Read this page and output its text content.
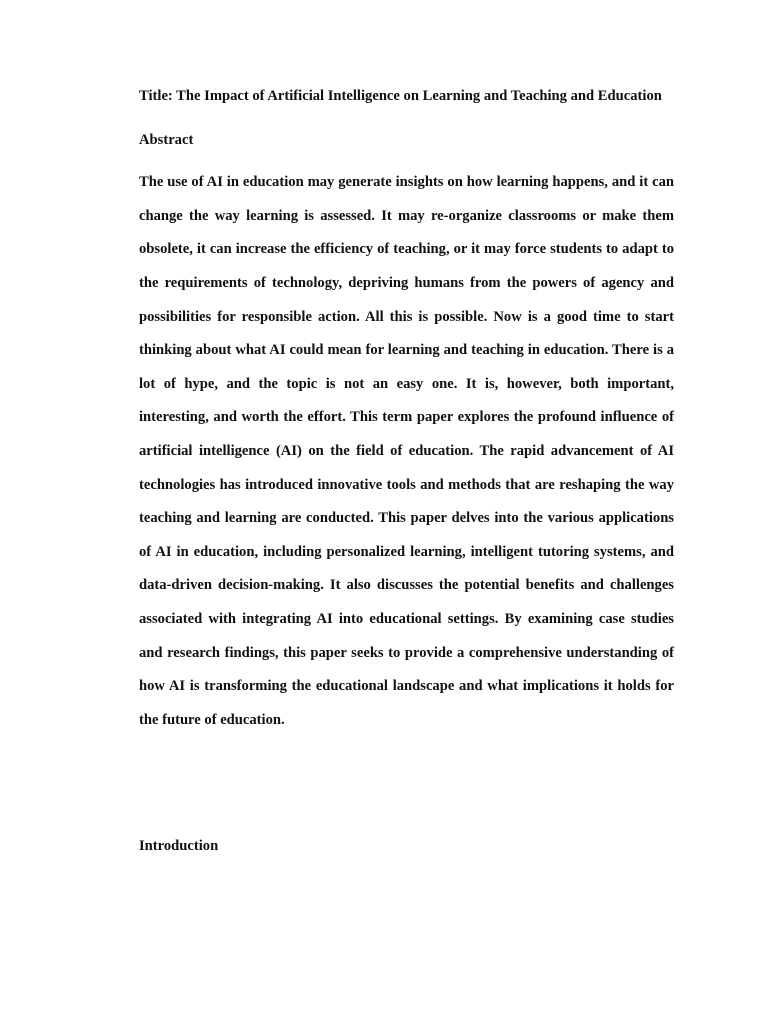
Title: The Impact of Artificial Intelligence on Learning and Teaching and Education

Abstract

The use of AI in education may generate insights on how learning happens, and it can change the way learning is assessed. It may re-organize classrooms or make them obsolete, it can increase the efficiency of teaching, or it may force students to adapt to the requirements of technology, depriving humans from the powers of agency and possibilities for responsible action. All this is possible. Now is a good time to start thinking about what AI could mean for learning and teaching in education. There is a lot of hype, and the topic is not an easy one. It is, however, both important, interesting, and worth the effort. This term paper explores the profound influence of artificial intelligence (AI) on the field of education. The rapid advancement of AI technologies has introduced innovative tools and methods that are reshaping the way teaching and learning are conducted. This paper delves into the various applications of AI in education, including personalized learning, intelligent tutoring systems, and data-driven decision-making. It also discusses the potential benefits and challenges associated with integrating AI into educational settings. By examining case studies and research findings, this paper seeks to provide a comprehensive understanding of how AI is transforming the educational landscape and what implications it holds for the future of education.

Introduction
